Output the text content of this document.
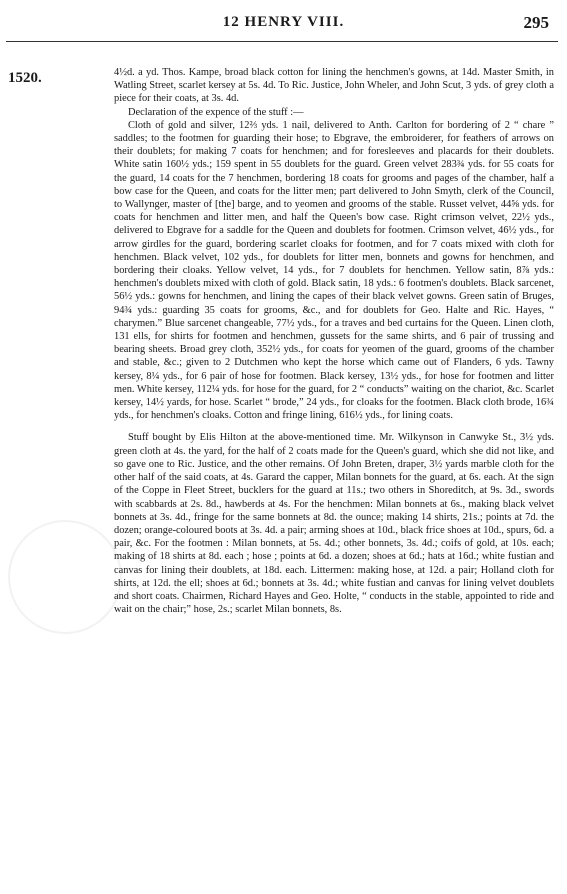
12 HENRY VIII.	295
1520.	4½d. a yd. Thos. Kampe, broad black cotton for lining the henchmen's gowns, at 14d. Master Smith, in Watling Street, scarlet kersey at 5s. 4d. To Ric. Justice, John Wheler, and John Scut, 3 yds. of grey cloth a piece for their coats, at 3s. 4d.

Declaration of the expence of the stuff :—

Cloth of gold and silver, 12⅔ yds. 1 nail, delivered to Anth. Carlton for bordering of 2 “ chare ” saddles; to the footmen for guarding their hose; to Ebgrave, the embroiderer, for feathers of arrows on their doublets; for making 7 coats for henchmen; and for foresleeves and placards for their doublets. White satin 160½ yds.; 159 spent in 55 doublets for the guard. Green velvet 283¾ yds. for 55 coats for the guard, 14 coats for the 7 henchmen, bordering 18 coats for grooms and pages of the chamber, half a bow case for the Queen, and coats for the litter men; part delivered to John Smyth, clerk of the Council, to Wallynger, master of [the] barge, and to yeomen and grooms of the stable. Russet velvet, 44⅝ yds. for coats for henchmen and litter men, and half the Queen's bow case. Right crimson velvet, 22½ yds., delivered to Ebgrave for a saddle for the Queen and doublets for footmen. Crimson velvet, 46½ yds., for arrow girdles for the guard, bordering scarlet cloaks for footmen, and for 7 coats mixed with cloth for henchmen. Black velvet, 102 yds., for doublets for litter men, bonnets and gowns for henchmen, and bordering their cloaks. Yellow velvet, 14 yds., for 7 doublets for henchmen. Yellow satin, 8⅞ yds.: henchmen's doublets mixed with cloth of gold. Black satin, 18 yds.: 6 footmen's doublets. Black sarcenet, 56½ yds.: gowns for henchmen, and lining the capes of their black velvet gowns. Green satin of Bruges, 94¾ yds.: guarding 35 coats for grooms, &c., and for doublets for Geo. Halte and Ric. Hayes, “ charymen.” Blue sarcenet changeable, 77½ yds., for a traves and bed curtains for the Queen. Linen cloth, 131 ells, for shirts for footmen and henchmen, gussets for the same shirts, and 6 pair of trussing and bearing sheets. Broad grey cloth, 352½ yds., for coats for yeomen of the guard, grooms of the chamber and stable, &c.; given to 2 Dutchmen who kept the horse which came out of Flanders, 6 yds. Tawny kersey, 8¼ yds., for 6 pair of hose for footmen. Black kersey, 13½ yds., for hose for footmen and litter men. White kersey, 112¼ yds. for hose for the guard, for 2 “ conducts” waiting on the chariot, &c. Scarlet kersey, 14½ yards, for hose. Scarlet “ brode,” 24 yds., for cloaks for the footmen. Black cloth brode, 16¾ yds., for henchmen's cloaks. Cotton and fringe lining, 616½ yds., for lining coats.

Stuff bought by Elis Hilton at the above-mentioned time. Mr. Wilkynson in Canwyke St., 3½ yds. green cloth at 4s. the yard, for the half of 2 coats made for the Queen's guard, which she did not like, and so gave one to Ric. Justice, and the other remains. Of John Breten, draper, 3½ yards marble cloth for the other half of the said coats, at 4s. Garard the capper, Milan bonnets for the guard, at 6s. each. At the sign of the Coppe in Fleet Street, bucklers for the guard at 11s.; two others in Shoreditch, at 9s. 3d., swords with scabbards at 2s. 8d., hawberds at 4s. For the henchmen: Milan bonnets at 6s., making black velvet bonnets at 3s. 4d., fringe for the same bonnets at 8d. the ounce; making 14 shirts, 21s.; points at 7d. the dozen; orange-coloured boots at 3s. 4d. a pair; arming shoes at 10d., black frice shoes at 10d., spurs, 6d. a pair, &c. For the footmen : Milan bonnets, at 5s. 4d.; other bonnets, 3s. 4d.; coifs of gold, at 10s. each; making of 18 shirts at 8d. each ; hose ; points at 6d. a dozen; shoes at 6d.; hats at 16d.; white fustian and canvas for lining their doublets, at 18d. each. Littermen: making hose, at 12d. a pair; Holland cloth for shirts, at 12d. the ell; shoes at 6d.; bonnets at 3s. 4d.; white fustian and canvas for lining velvet doublets and short coats. Chairmen, Richard Hayes and Geo. Holte, “ conducts in the stable, appointed to ride and wait on the chair;” hose, 2s.; scarlet Milan bonnets, 8s.
